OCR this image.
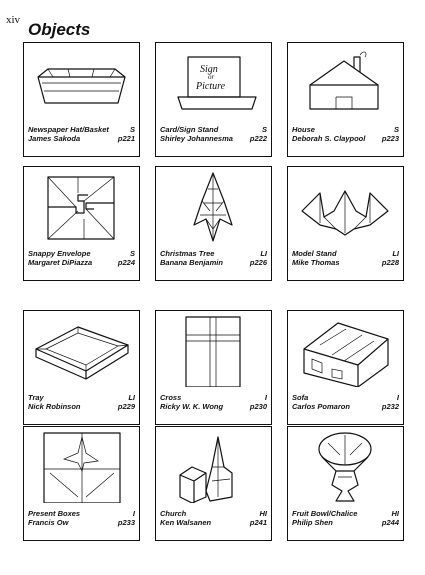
xiv Objects
Newspaper Hat/Basket	S
James Sakoda	p221
Sign
or
Picture
Card/Sign Stand	S
Shirley Johannesma p222
House	S
Deborah S. Claypool p223
Snappy Envelope	S
Margaret DiPiazza	p224
Christmas Tree	LI
Banana Benjamin	p226
Model Stand	LI
Mike Thomas	p228
Tray	LI
Nick Robinson	p229
Cross	I
Ricky W. K. Wong	p230
Sofa	I
Carlos Pomaron	p232
Present Boxes	I
Francis Ow	p233
Church	HI
Ken Walsanen	p241
Fruit Bowl/Chalice	HI
Philip Shen	p244
